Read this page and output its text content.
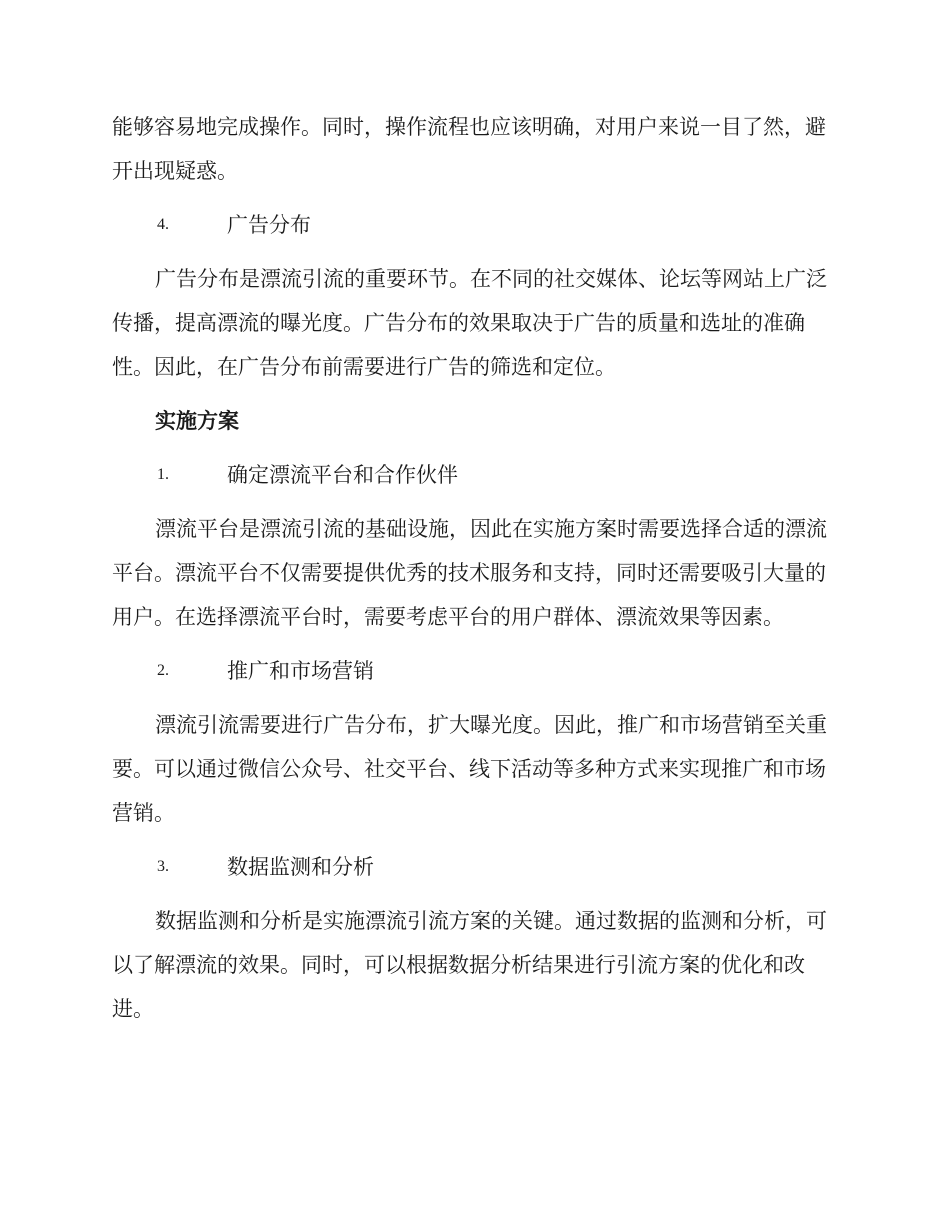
能够容易地完成操作。同时，操作流程也应该明确，对用户来说一目了然，避开出现疑惑。

4.	广告分布

广告分布是漂流引流的重要环节。在不同的社交媒体、论坛等网站上广泛传播，提高漂流的曝光度。广告分布的效果取决于广告的质量和选址的准确性。因此，在广告分布前需要进行广告的筛选和定位。

实施方案
1.	确定漂流平台和合作伙伴

漂流平台是漂流引流的基础设施，因此在实施方案时需要选择合适的漂流平台。漂流平台不仅需要提供优秀的技术服务和支持，同时还需要吸引大量的用户。在选择漂流平台时，需要考虑平台的用户群体、漂流效果等因素。

2.	推广和市场营销

漂流引流需要进行广告分布，扩大曝光度。因此，推广和市场营销至关重要。可以通过微信公众号、社交平台、线下活动等多种方式来实现推广和市场营销。

3.	数据监测和分析

数据监测和分析是实施漂流引流方案的关键。通过数据的监测和分析，可以了解漂流的效果。同时，可以根据数据分析结果进行引流方案的优化和改进。
